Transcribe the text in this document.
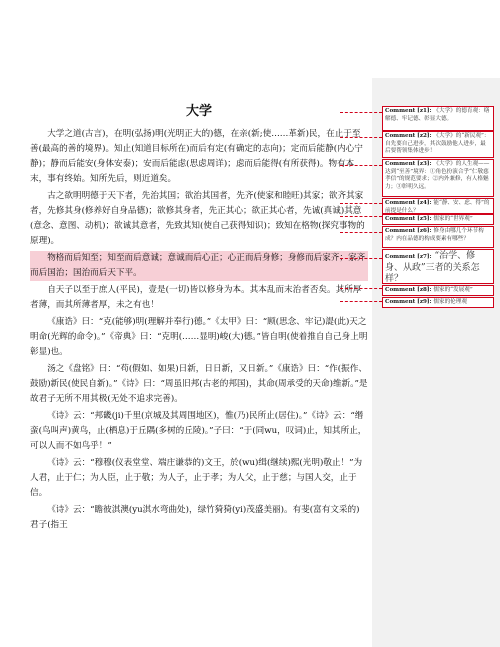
大学
大学之道(古言)，在明(弘扬)明(光明正大的)德，在亲(新;使……革新)民，在止于至善(最高的善的境界)。知止(知道目标所在)而后有定(有确定的志向)；定而后能静(内心宁静)；静而后能安(身体安泰)；安而后能虑(思虑周详)；虑而后能得(有所获得)。物有本末，事有终始。知所先后，则近道矣。
古之欲明明德于天下者，先治其国；欲治其国者，先齐(使家和睦旺)其家；欲齐其家者，先修其身(修养好自身品德)；欲修其身者，先正其心；欲正其心者，先诚(真诚)其意(意念、意图、动机)；欲诚其意者，先致其知(使自己获得知识)；致知在格物(探究事物的原理)。
物格而后知至；知至而后意诚；意诚而后心正；心正而后身修；身修而后家齐；家齐而后国治；国治而后天下平。
自天子以至于庶人(平民)，壹是(一切)皆以修身为本。其本乱而末治者否矣。其所厚者薄，而其所薄者厚，未之有也！
《康诰》曰：“克(能够)明(理解并奉行)德。”《太甲》曰：“顾(思念、牢记)諟(此)天之明命(光辉的命令)。”《帝典》曰：“克明(……显明)峻(大)德。”皆自明(使着推自自己身上明彰显)也。
汤之《盘铭》曰：“苟(假如、如果)日新，日日新，又日新。”《康诰》曰：“作(振作、鼓励)新民(使民自新)。”《诗》曰：“周虽旧邦(古老的邦国)，其命(周承受的天命)维新。”是故君子无所不用其极(无处不追求完善)。
《诗》云：“邦畿(ji)千里(京城及其周围地区)，惟(乃)民所止(居住)。”《诗》云：“缗蛮(鸟叫声)黄鸟，止(栖息)于丘隅(多树的丘陵)。”子曰：“于(同wu，叹词)止，知其所止，可以人而不如鸟乎！”
《诗》云：“穆穆(仪表堂堂、端庄谦恭的)文王，於(wu)缉(继续)熙(光明)敬止！”为人君，止于仁；为人臣，止于敬；为人子，止于孝；为人父，止于慈；与国人交，止于信。
《诗》云：“瞻彼淇澳(yu淇水弯曲处)，绿竹猗猗(yi)茂盛美丽)。有斐(富有文采的)君子(指王
Comment [z1]: 《大学》的德育观：缮解德、牢记德、彰显大德。
Comment [z2]: 《大学》的“新民观”：自先要自己进步，其次鼓励他人进步，最后要帮领集体进步！
Comment [z3]: 《大学》的人生观——达到“至善”境界：①角色扮演合乎“仁敬慈孝信”的规范要求；②内外兼修，有人格魅力；③彰明久远。
Comment [z4]: 能“静、安、虑、得”的前提是什么？
Comment [z5]: 儒家的“世界观”
Comment [z6]: 修身由哪几个环节构成？内在品德的构成要素有哪些？
Comment [z7]: “治学、修身、从政”三者的关系怎样？
Comment [z8]: 儒家的“发展观”
Comment [z9]: 儒家的伦理观
